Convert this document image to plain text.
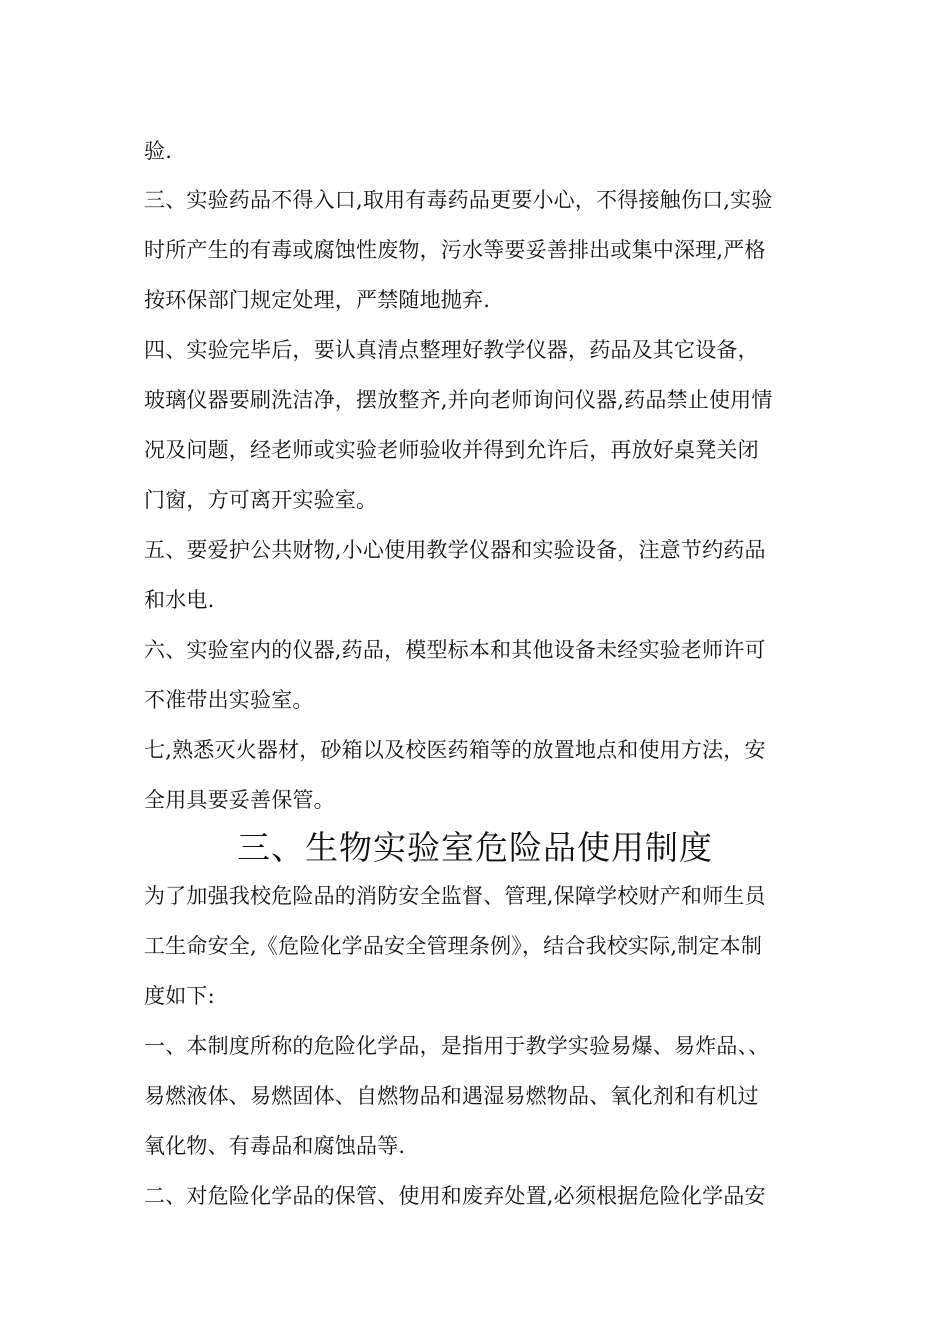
验.
三、实验药品不得入口,取用有毒药品更要小心，不得接触伤口,实验
时所产生的有毒或腐蚀性废物，污水等要妥善排出或集中深理,严格
按环保部门规定处理，严禁随地抛弃.
四、实验完毕后，要认真清点整理好教学仪器，药品及其它设备，
玻璃仪器要刷洗洁净，摆放整齐,并向老师询问仪器,药品禁止使用情
况及问题，经老师或实验老师验收并得到允许后，再放好桌凳关闭
门窗，方可离开实验室。
五、要爱护公共财物,小心使用教学仪器和实验设备，注意节约药品
和水电.
六、实验室内的仪器,药品，模型标本和其他设备未经实验老师许可
不准带出实验室。
七,熟悉灭火器材，砂箱以及校医药箱等的放置地点和使用方法，安
全用具要妥善保管。
三、生物实验室危险品使用制度
为了加强我校危险品的消防安全监督、管理,保障学校财产和师生员
工生命安全,《危险化学品安全管理条例》，结合我校实际,制定本制
度如下:
一、本制度所称的危险化学品，是指用于教学实验易爆、易炸品、、
易燃液体、易燃固体、自燃物品和遇湿易燃物品、氧化剂和有机过
氧化物、有毒品和腐蚀品等.
二、对危险化学品的保管、使用和废弃处置,必须根据危险化学品安
